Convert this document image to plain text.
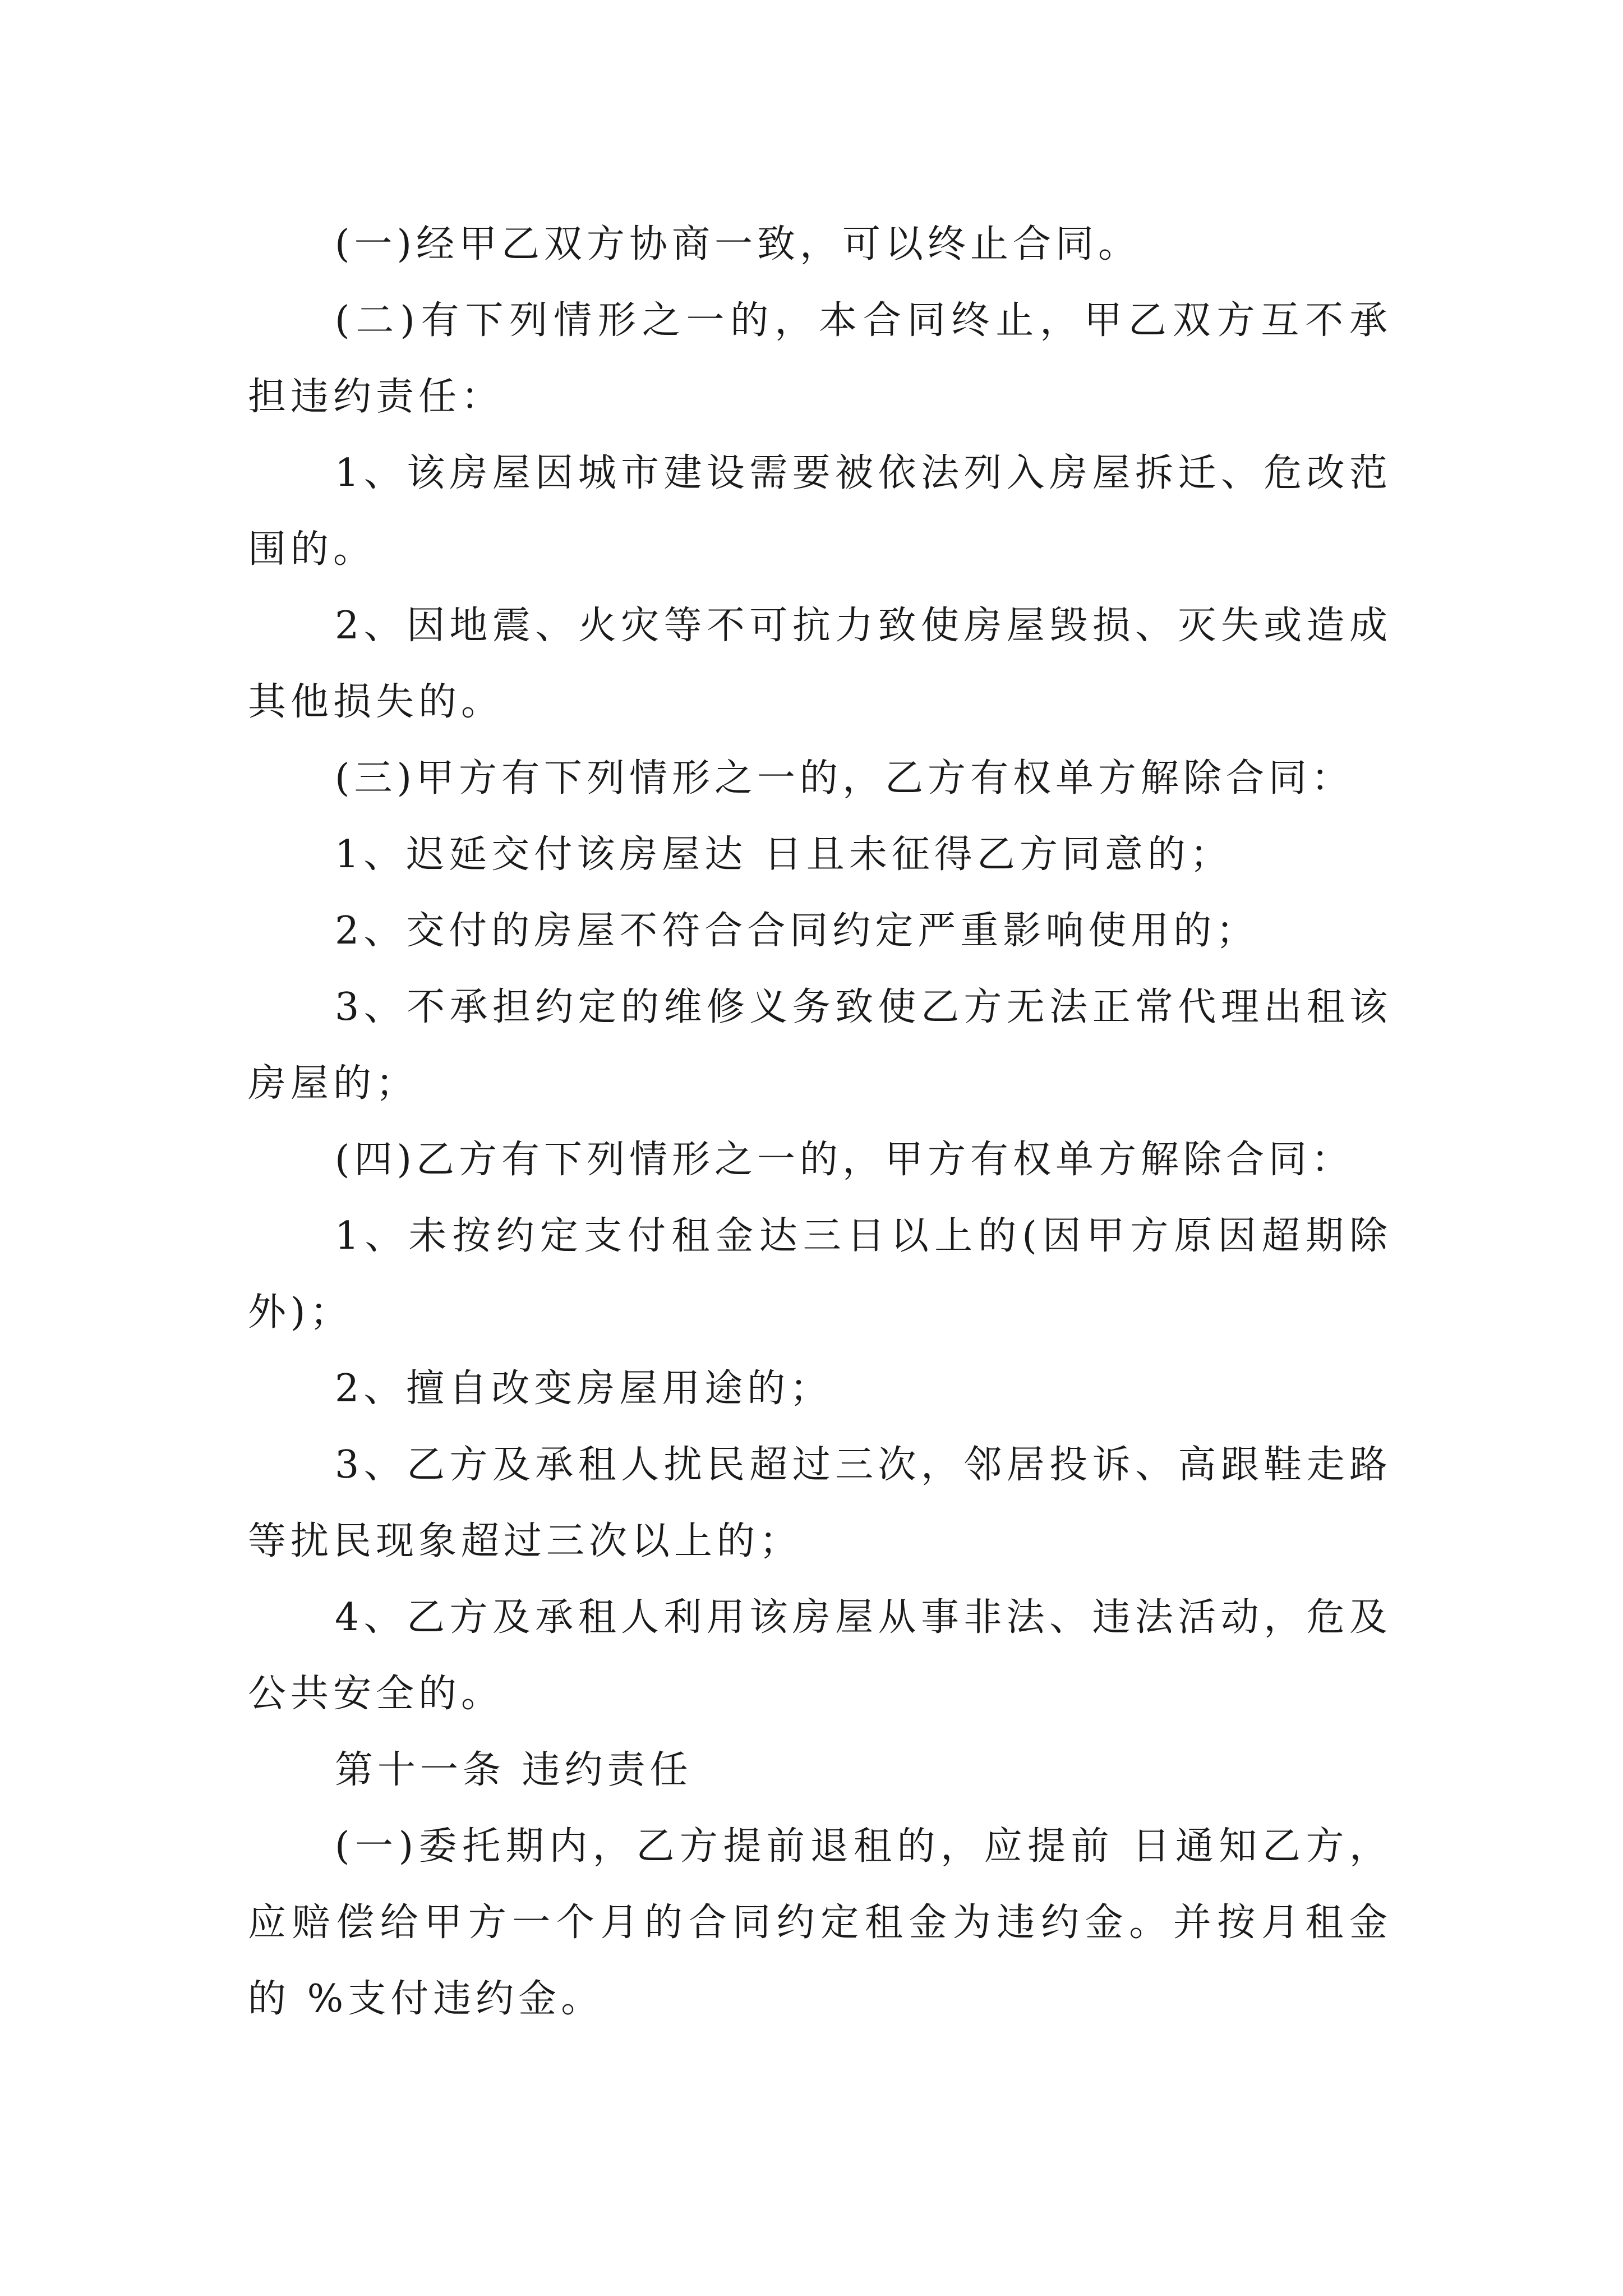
(一)经甲乙双方协商一致，可以终止合同。

(二)有下列情形之一的，本合同终止，甲乙双方互不承担违约责任：

1、该房屋因城市建设需要被依法列入房屋拆迁、危改范围的。

2、因地震、火灾等不可抗力致使房屋毁损、灭失或造成其他损失的。

(三)甲方有下列情形之一的，乙方有权单方解除合同：

1、迟延交付该房屋达 日且未征得乙方同意的；

2、交付的房屋不符合合同约定严重影响使用的；

3、不承担约定的维修义务致使乙方无法正常代理出租该房屋的；

(四)乙方有下列情形之一的，甲方有权单方解除合同：

1、未按约定支付租金达三日以上的(因甲方原因超期除外)；

2、擅自改变房屋用途的；

3、乙方及承租人扰民超过三次，邻居投诉、高跟鞋走路等扰民现象超过三次以上的；

4、乙方及承租人利用该房屋从事非法、违法活动，危及公共安全的。

第十一条 违约责任

(一)委托期内，乙方提前退租的，应提前 日通知乙方，应赔偿给甲方一个月的合同约定租金为违约金。并按月租金的 %支付违约金。
